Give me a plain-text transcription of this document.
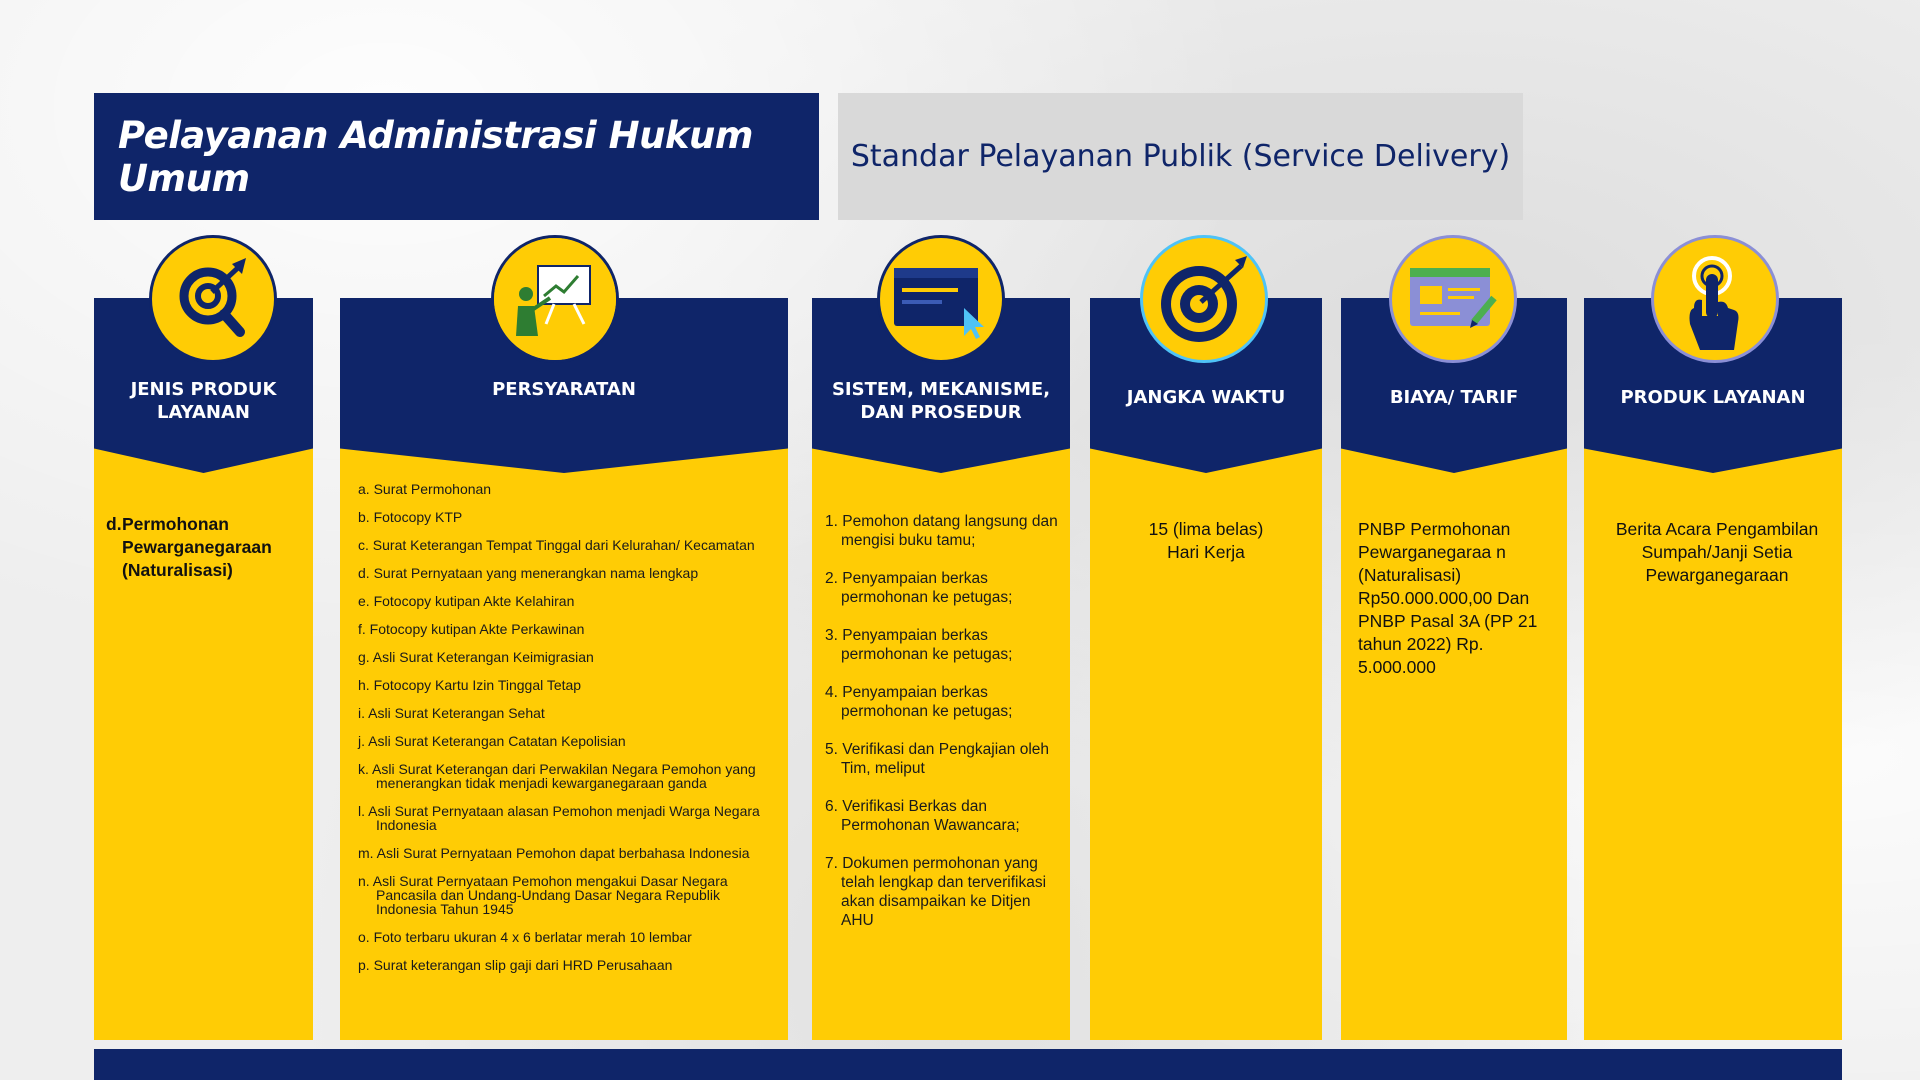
Pelayanan Administrasi Hukum Umum	Standar Pelayanan Publik (Service Delivery)
JENIS PRODUK LAYANAN
d.Permohonan Pewarganegaraan (Naturalisasi)
PERSYARATAN
a. Surat Permohonan
b. Fotocopy KTP
c. Surat Keterangan Tempat Tinggal dari Kelurahan/ Kecamatan
d. Surat Pernyataan yang menerangkan nama lengkap
e. Fotocopy kutipan Akte Kelahiran
f. Fotocopy kutipan Akte Perkawinan
g. Asli Surat Keterangan Keimigrasian
h. Fotocopy Kartu Izin Tinggal Tetap
i. Asli Surat Keterangan Sehat
j. Asli Surat Keterangan Catatan Kepolisian
k. Asli Surat Keterangan dari Perwakilan Negara Pemohon yang menerangkan tidak menjadi kewarganegaraan ganda
l. Asli Surat Pernyataan alasan Pemohon menjadi Warga Negara Indonesia
m. Asli Surat Pernyataan Pemohon dapat berbahasa Indonesia
n. Asli Surat Pernyataan Pemohon mengakui Dasar Negara Pancasila dan Undang-Undang Dasar Negara Republik Indonesia Tahun 1945
o. Foto terbaru ukuran 4 x 6 berlatar merah 10 lembar
p. Surat keterangan slip gaji dari HRD Perusahaan
SISTEM, MEKANISME,
DAN PROSEDUR
1. Pemohon datang langsung dan mengisi buku tamu;
2. Penyampaian berkas permohonan ke petugas;
3. Penyampaian berkas permohonan ke petugas;
4. Penyampaian berkas permohonan ke petugas;
5. Verifikasi dan Pengkajian oleh Tim, meliput
6. Verifikasi Berkas dan Permohonan Wawancara;
7. Dokumen permohonan yang telah lengkap dan terverifikasi akan disampaikan ke Ditjen AHU
JANGKA WAKTU
15 (lima belas)
Hari Kerja
BIAYA/ TARIF
PNBP Permohonan Pewarganegaraa n (Naturalisasi) Rp50.000.000,00 Dan PNBP Pasal 3A (PP 21 tahun 2022) Rp. 5.000.000
PRODUK LAYANAN
Berita Acara Pengambilan Sumpah/Janji Setia Pewarganegaraan
